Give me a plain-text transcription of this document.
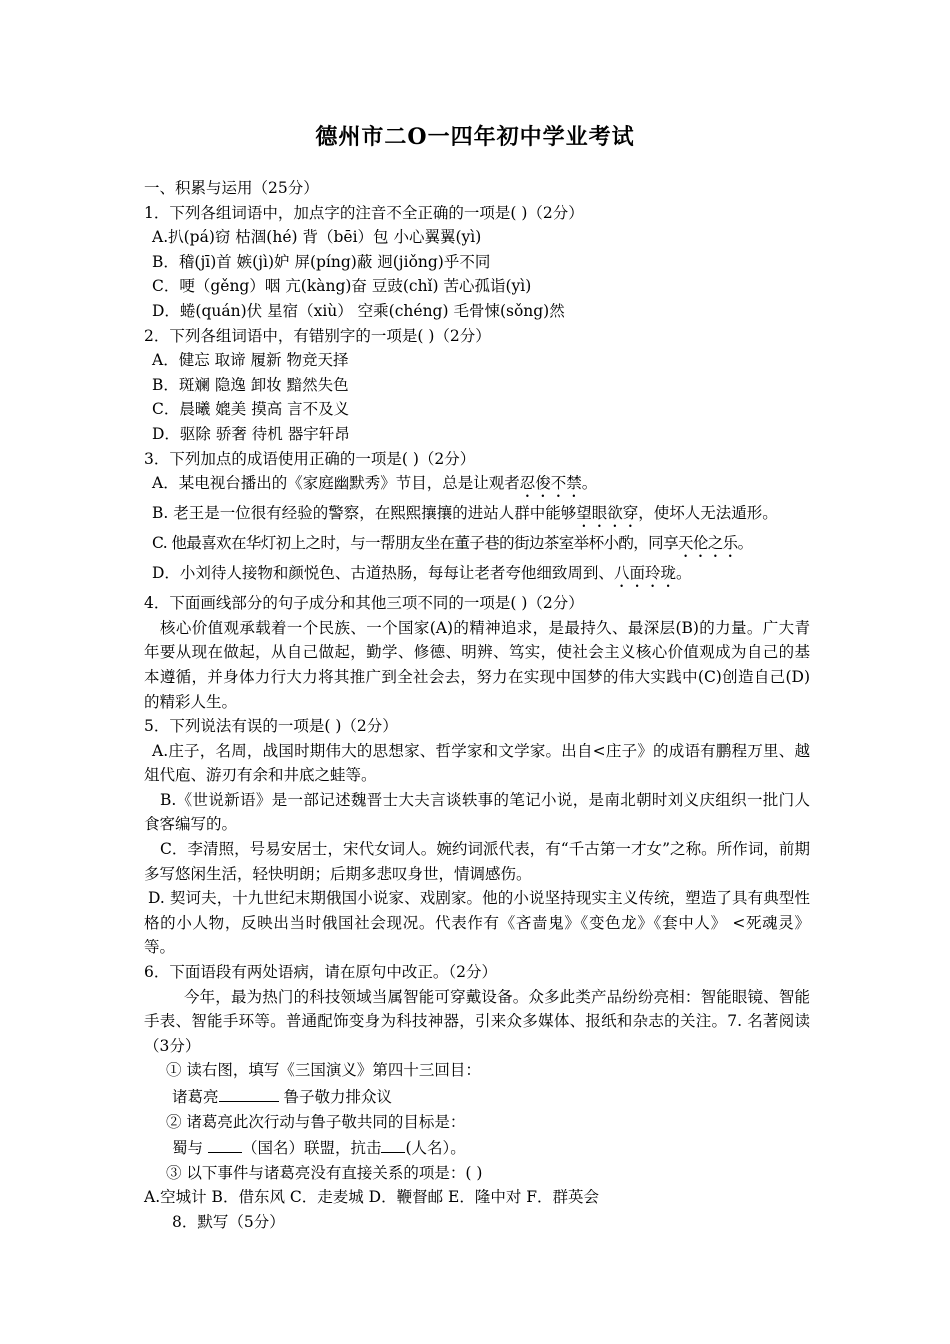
德州市二O一四年初中学业考试
一、积累与运用（25分）
1．下列各组词语中，加点字的注音不全正确的一项是( )（2分）
A.扒(pá)窃 枯涸(hé) 背（bēi）包 小心翼翼(yì)
B．稽(jī)首 嫉(jì)妒 屏(píng)蔽 迥(jiǒng)乎不同
C．哽（gěng）咽 亢(kàng)奋 豆豉(chǐ) 苦心孤诣(yì)
D．蜷(quán)伏 星宿（xiù） 空乘(chéng) 毛骨悚(sǒng)然
2．下列各组词语中，有错别字的一项是( )（2分）
A．健忘 取谛 履新 物竞天择
B．斑斓 隐逸 卸妆 黯然失色
C．晨曦 媲美 摸高 言不及义
D．驱除 骄奢 待机 器宇轩昂
3．下列加点的成语使用正确的一项是( )（2分）
A．某电视台播出的《家庭幽默秀》节目，总是让观者忍俊不禁。
B. 老王是一位很有经验的警察，在熙熙攘攘的进站人群中能够望眼欲穿，使坏人无法遁形。
C. 他最喜欢在华灯初上之时，与一帮朋友坐在董子巷的街边茶室举杯小酌，同享天伦之乐。
D．小刘待人接物和颜悦色、古道热肠，每每让老者夸他细致周到、八面玲珑。
4．下面画线部分的句子成分和其他三项不同的一项是( )（2分）
核心价值观承载着一个民族、一个国家(A)的精神追求，是最持久、最深层(B)的力量。广大青年要从现在做起，从自己做起，勤学、修德、明辨、笃实，使社会主义核心价值观成为自己的基本遵循，并身体力行大力将其推广到全社会去，努力在实现中国梦的伟大实践中(C)创造自己(D)的精彩人生。
5．下列说法有误的一项是( )（2分）
A.庄子，名周，战国时期伟大的思想家、哲学家和文学家。出自<庄子》的成语有鹏程万里、越俎代庖、游刃有余和井底之蛙等。
B.《世说新语》是一部记述魏晋士大夫言谈轶事的笔记小说，是南北朝时刘义庆组织一批门人食客编写的。
C．李清照，号易安居士，宋代女词人。婉约词派代表，有“千古第一才女”之称。所作词，前期多写悠闲生活，轻快明朗；后期多悲叹身世，情调感伤。
D. 契诃夫，十九世纪末期俄国小说家、戏剧家。他的小说坚持现实主义传统，塑造了具有典型性格的小人物，反映出当时俄国社会现况。代表作有《吝啬鬼》《变色龙》《套中人》 <死魂灵》等。
6．下面语段有两处语病，请在原句中改正。（2分）
今年，最为热门的科技领域当属智能可穿戴设备。众多此类产品纷纷亮相：智能眼镜、智能手表、智能手环等。普通配饰变身为科技神器，引来众多媒体、报纸和杂志的关注。7. 名著阅读（3分）
① 读右图，填写《三国演义》第四十三回目：
诸葛亮	鲁子敬力排众议
② 诸葛亮此次行动与鲁子敬共同的目标是：
蜀与 （国名）联盟，抗击 (人名）。
③ 以下事件与诸葛亮没有直接关系的项是：( )
A.空城计 B．借东风 C．走麦城 D．鞭督邮 E．隆中对 F．群英会
8．默写（5分）
